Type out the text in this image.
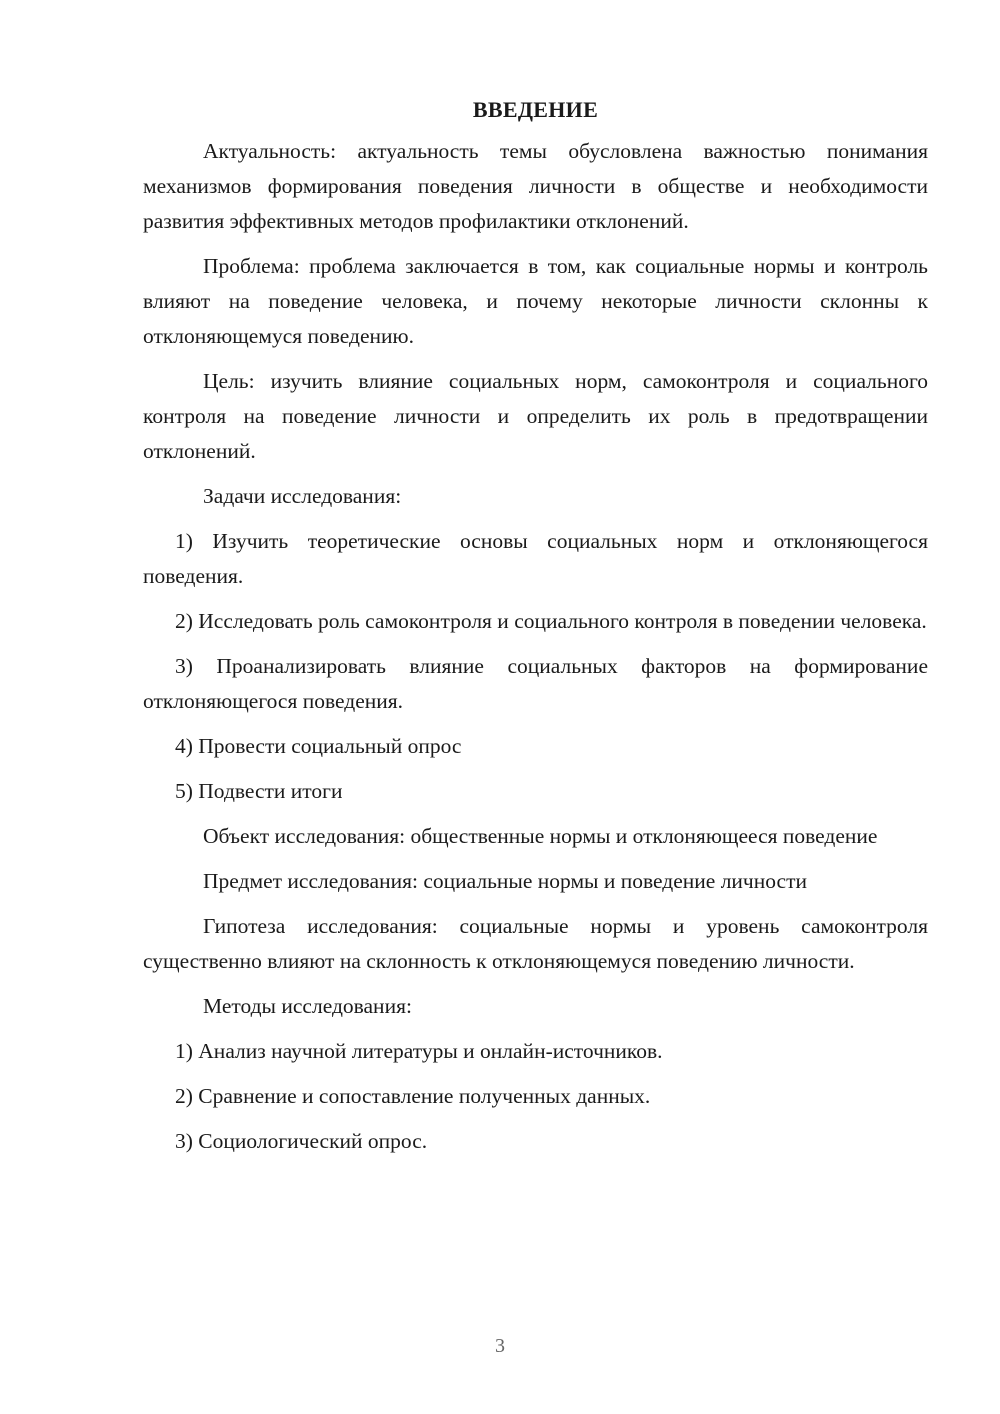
ВВЕДЕНИЕ

Актуальность: актуальность темы обусловлена важностью понимания механизмов формирования поведения личности в обществе и необходимости развития эффективных методов профилактики отклонений.

Проблема: проблема заключается в том, как социальные нормы и контроль влияют на поведение человека, и почему некоторые личности склонны к отклоняющемуся поведению.

Цель: изучить влияние социальных норм, самоконтроля и социального контроля на поведение личности и определить их роль в предотвращении отклонений.

Задачи исследования:

1) Изучить теоретические основы социальных норм и отклоняющегося поведения.

2) Исследовать роль самоконтроля и социального контроля в поведении человека.

3) Проанализировать влияние социальных факторов на формирование отклоняющегося поведения.

4) Провести социальный опрос

5) Подвести итоги

Объект исследования: общественные нормы и отклоняющееся поведение

Предмет исследования: социальные нормы и поведение личности

Гипотеза исследования: социальные нормы и уровень самоконтроля существенно влияют на склонность к отклоняющемуся поведению личности.

Методы исследования:

1) Анализ научной литературы и онлайн-источников.

2) Сравнение и сопоставление полученных данных.

3) Социологический опрос.

3
